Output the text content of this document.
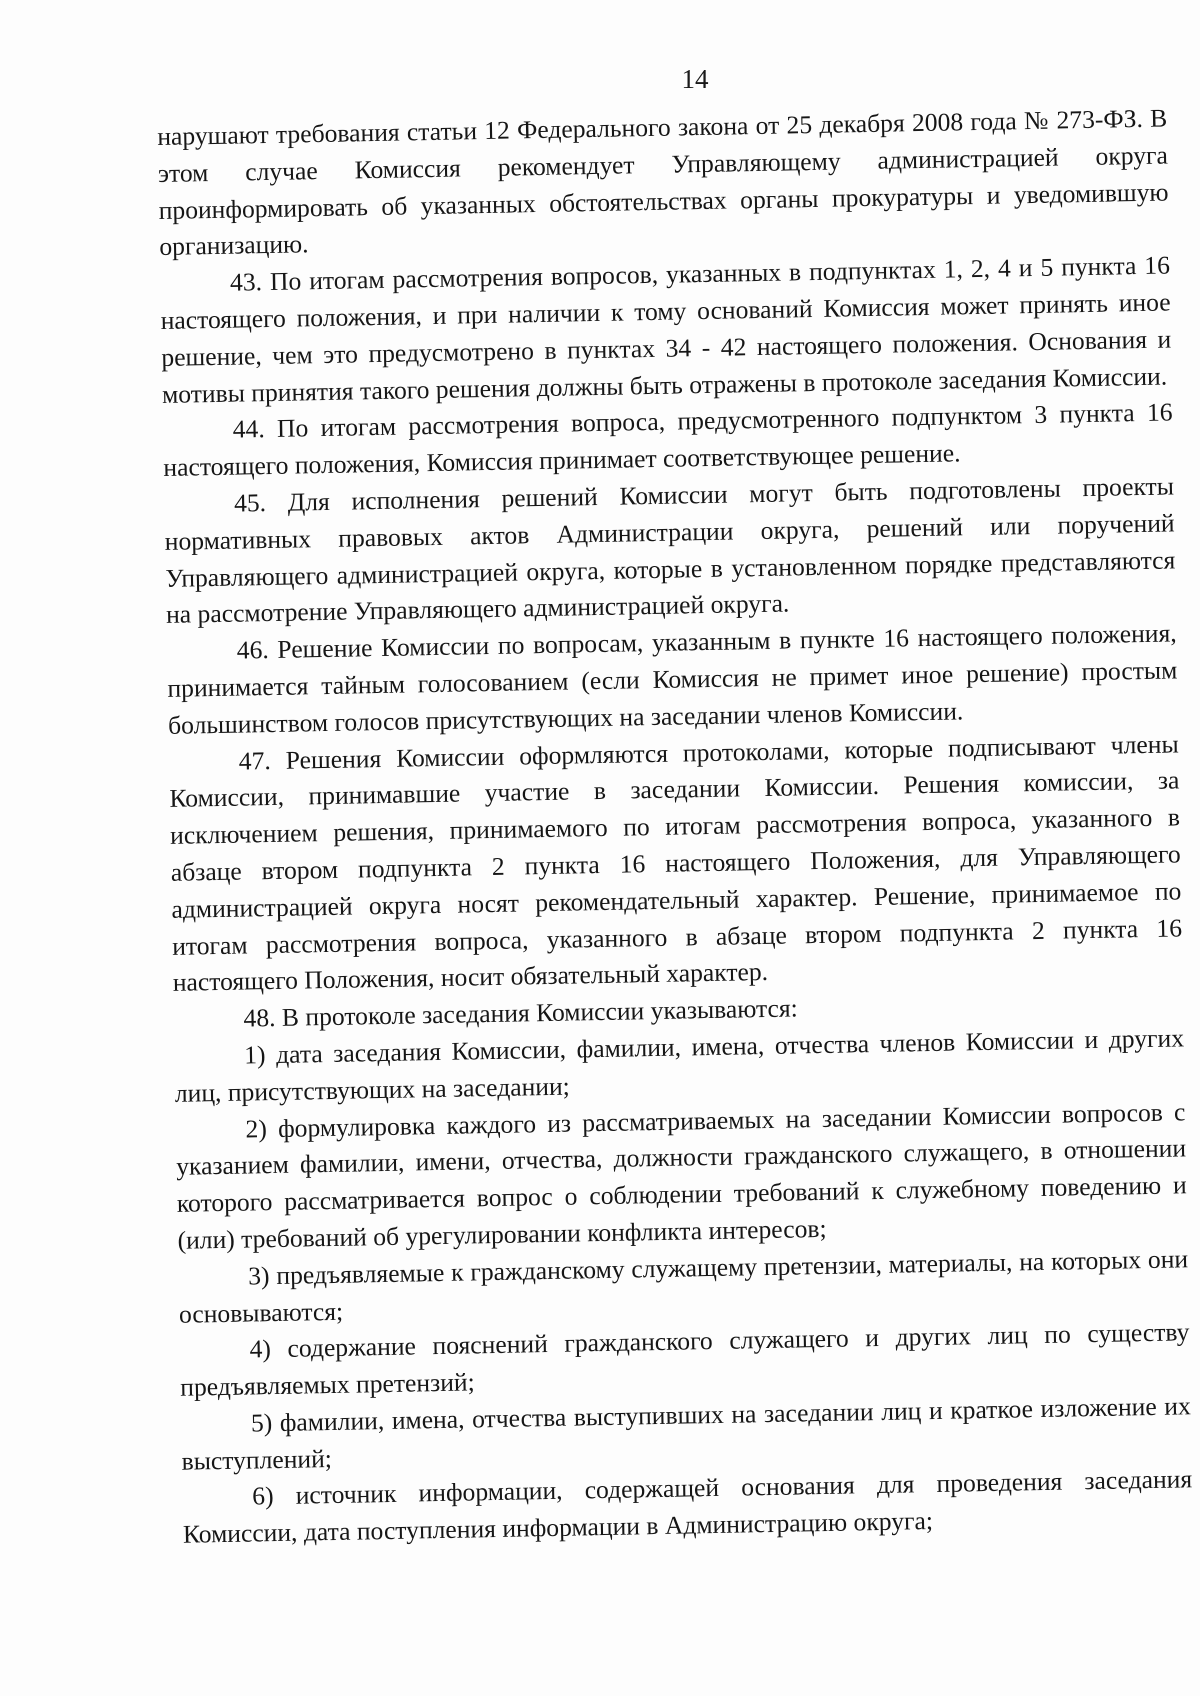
14

нарушают требования статьи 12 Федерального закона от 25 декабря 2008 года № 273-ФЗ. В этом случае Комиссия рекомендует Управляющему администрацией округа проинформировать об указанных обстоятельствах органы прокуратуры и уведомившую организацию.

43. По итогам рассмотрения вопросов, указанных в подпунктах 1, 2, 4 и 5 пункта 16 настоящего положения, и при наличии к тому оснований Комиссия может принять иное решение, чем это предусмотрено в пунктах 34 - 42 настоящего положения. Основания и мотивы принятия такого решения должны быть отражены в протоколе заседания Комиссии.

44. По итогам рассмотрения вопроса, предусмотренного подпунктом 3 пункта 16 настоящего положения, Комиссия принимает соответствующее решение.

45. Для исполнения решений Комиссии могут быть подготовлены проекты нормативных правовых актов Администрации округа, решений или поручений Управляющего администрацией округа, которые в установленном порядке представляются на рассмотрение Управляющего администрацией округа.

46. Решение Комиссии по вопросам, указанным в пункте 16 настоящего положения, принимается тайным голосованием (если Комиссия не примет иное решение) простым большинством голосов присутствующих на заседании членов Комиссии.

47. Решения Комиссии оформляются протоколами, которые подписывают члены Комиссии, принимавшие участие в заседании Комиссии. Решения комиссии, за исключением решения, принимаемого по итогам рассмотрения вопроса, указанного в абзаце втором подпункта 2 пункта 16 настоящего Положения, для Управляющего администрацией округа носят рекомендательный характер. Решение, принимаемое по итогам рассмотрения вопроса, указанного в абзаце втором подпункта 2 пункта 16 настоящего Положения, носит обязательный характер.

48. В протоколе заседания Комиссии указываются:

1) дата заседания Комиссии, фамилии, имена, отчества членов Комиссии и других лиц, присутствующих на заседании;

2) формулировка каждого из рассматриваемых на заседании Комиссии вопросов с указанием фамилии, имени, отчества, должности гражданского служащего, в отношении которого рассматривается вопрос о соблюдении требований к служебному поведению и (или) требований об урегулировании конфликта интересов;

3) предъявляемые к гражданскому служащему претензии, материалы, на которых они основываются;

4) содержание пояснений гражданского служащего и других лиц по существу предъявляемых претензий;

5) фамилии, имена, отчества выступивших на заседании лиц и краткое изложение их выступлений;

6) источник информации, содержащей основания для проведения заседания Комиссии, дата поступления информации в Администрацию округа;
